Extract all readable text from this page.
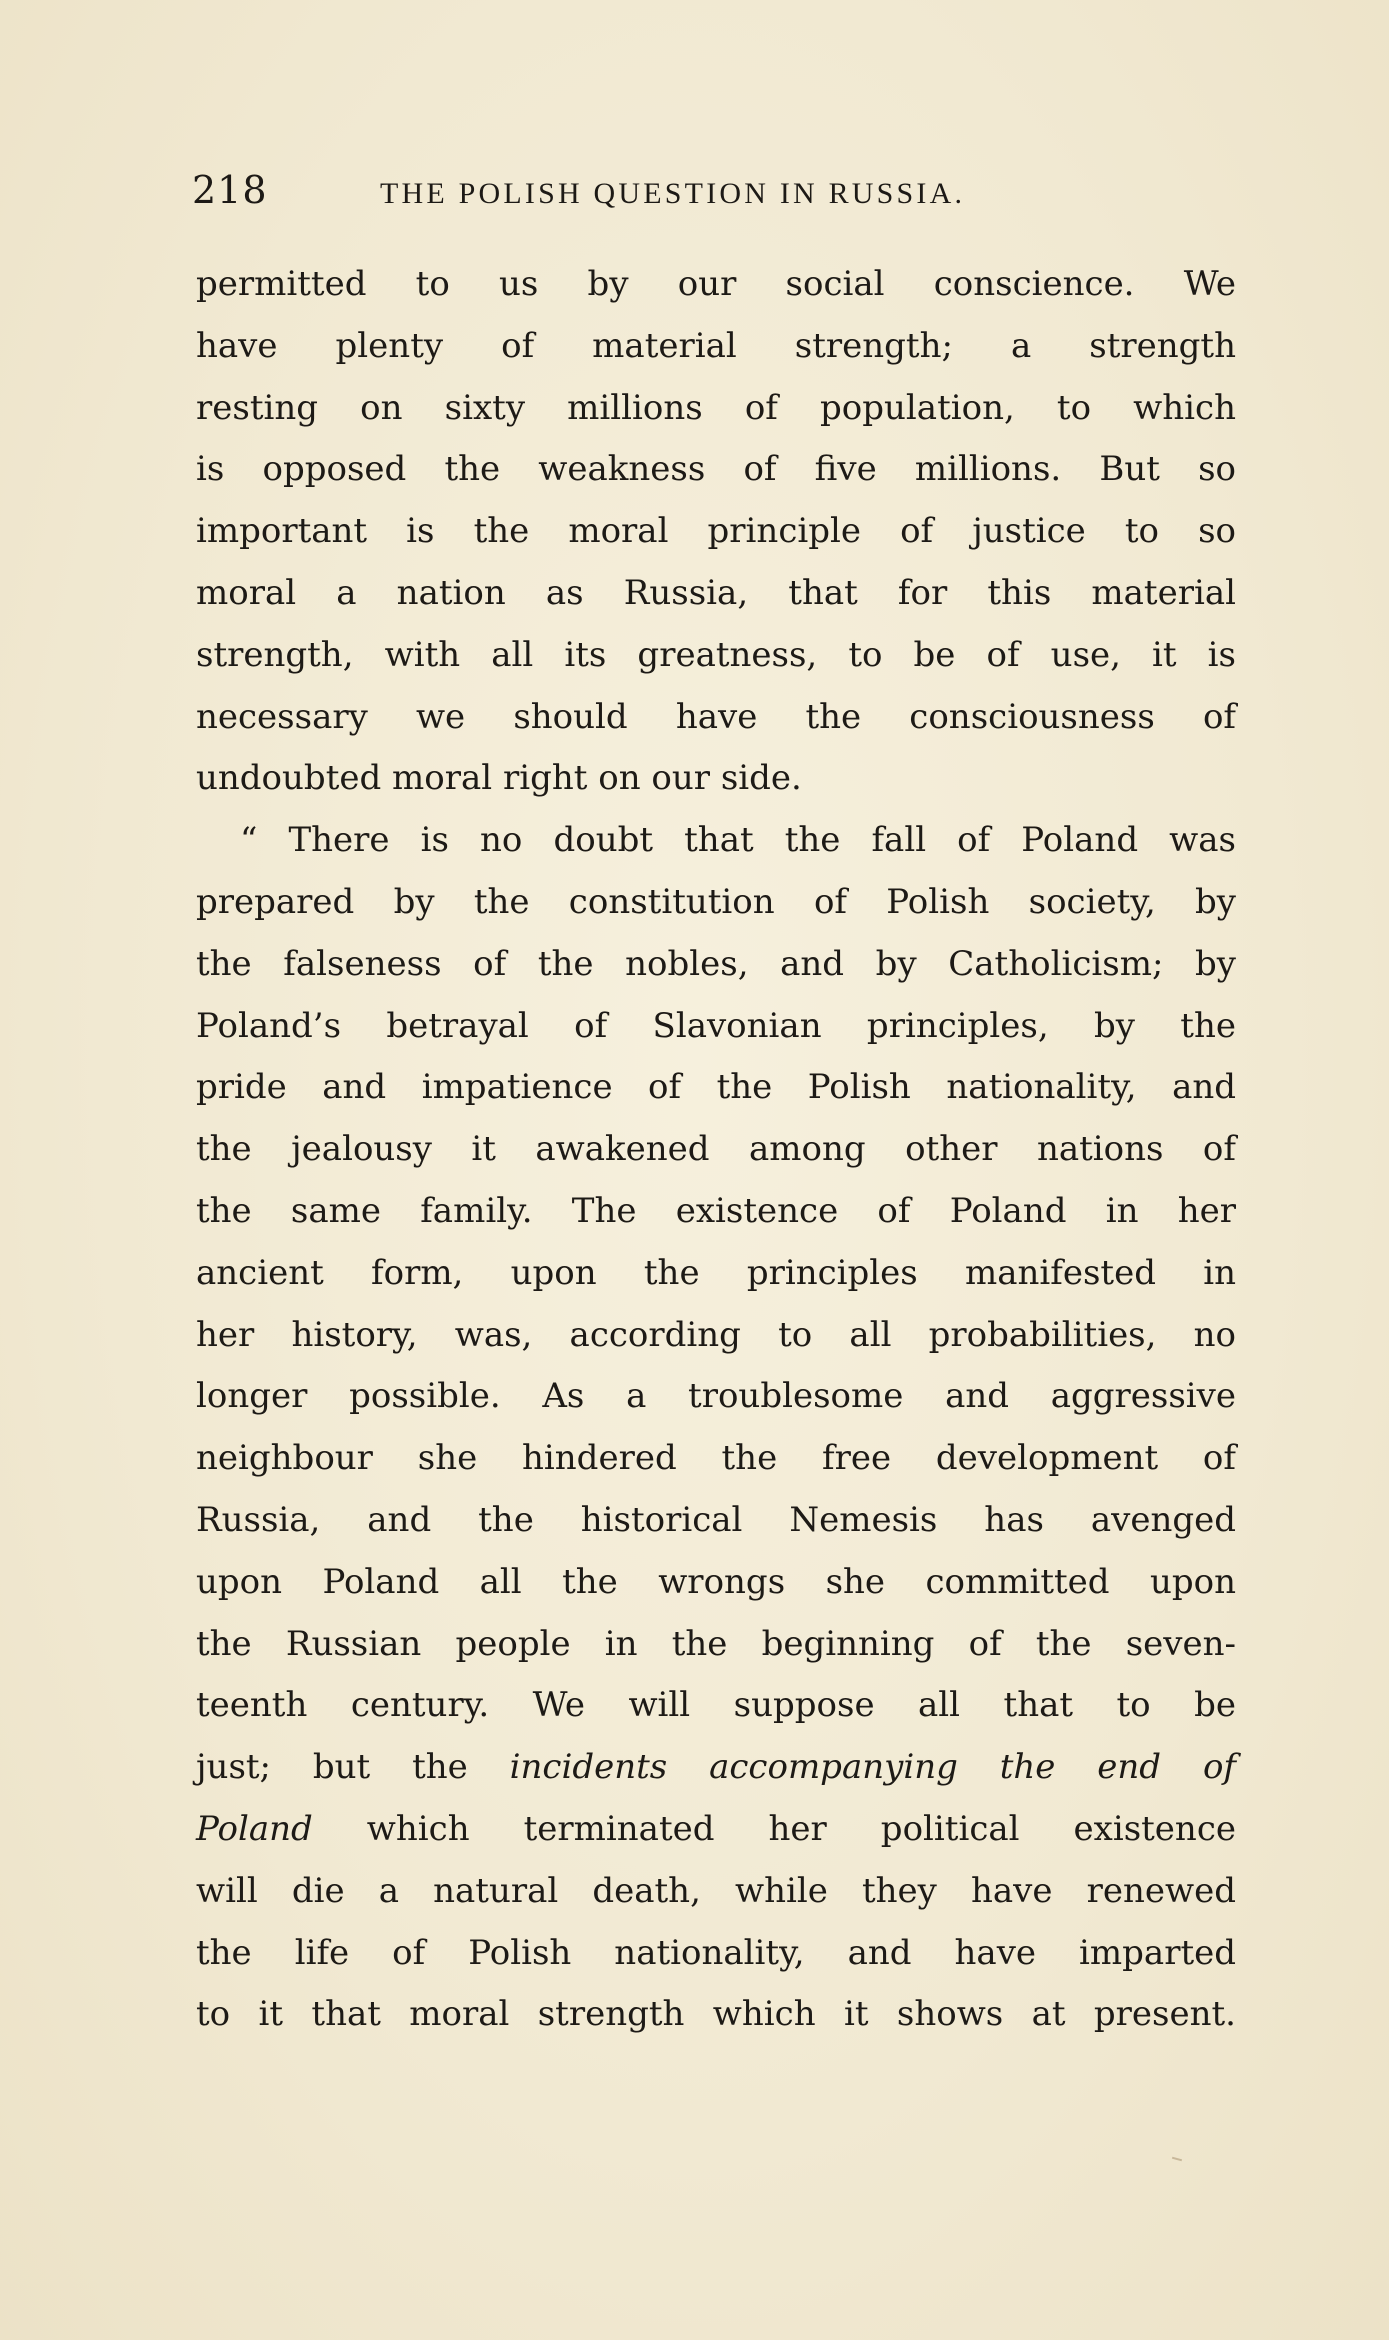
218	THE POLISH QUESTION IN RUSSIA.
permitted to us by our social conscience. We
have plenty of material strength; a strength
resting on sixty millions of population, to which
is opposed the weakness of five millions. But so
important is the moral principle of justice to so
moral a nation as Russia, that for this material
strength, with all its greatness, to be of use, it is
necessary we should have the consciousness of
undoubted moral right on our side.
“ There is no doubt that the fall of Poland was
prepared by the constitution of Polish society, by
the falseness of the nobles, and by Catholicism; by
Poland’s betrayal of Slavonian principles, by the
pride and impatience of the Polish nationality, and
the jealousy it awakened among other nations of
the same family. The existence of Poland in her
ancient form, upon the principles manifested in
her history, was, according to all probabilities, no
longer possible. As a troublesome and aggressive
neighbour she hindered the free development of
Russia, and the historical Nemesis has avenged
upon Poland all the wrongs she committed upon
the Russian people in the beginning of the seven-
teenth century. We will suppose all that to be
just; but the incidents accompanying the end of
Poland which terminated her political existence
will die a natural death, while they have renewed
the life of Polish nationality, and have imparted
to it that moral strength which it shows at present.
